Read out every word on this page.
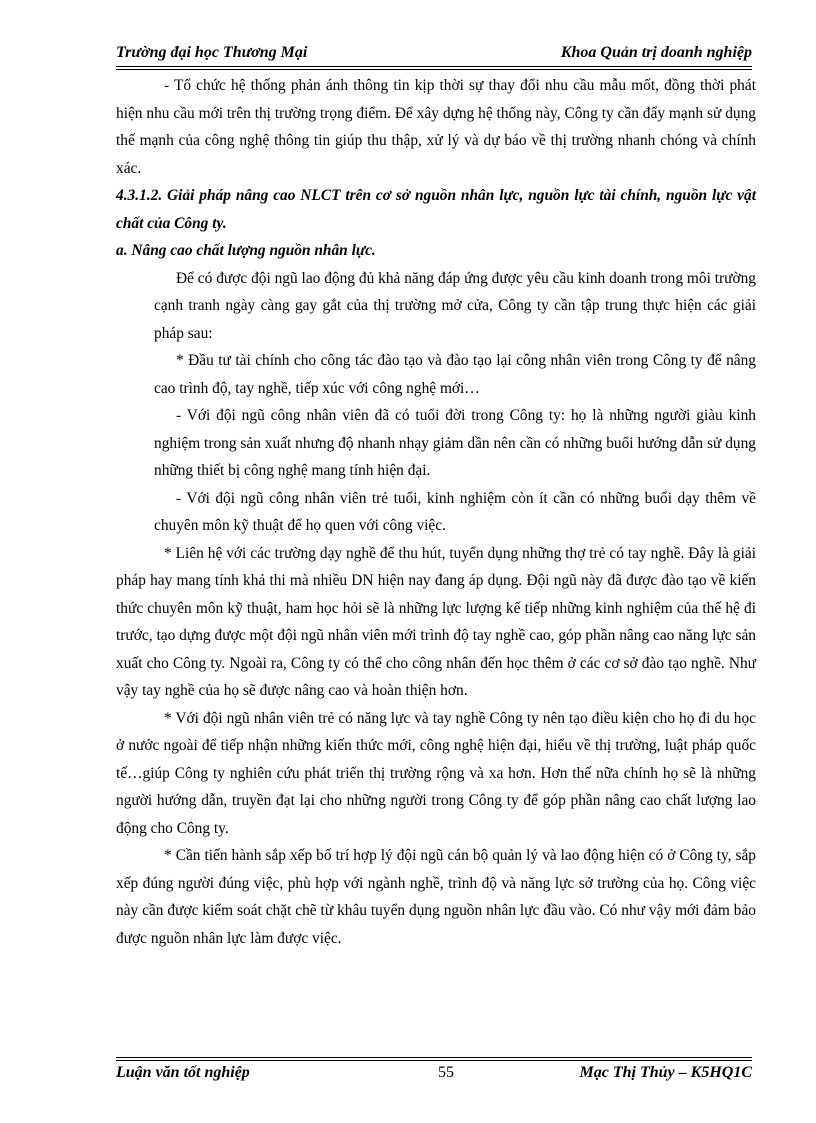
Trường đại học Thương Mại	Khoa Quản trị doanh nghiệp

- Tổ chức hệ thống phản ánh thông tin kịp thời sự thay đổi nhu cầu mẫu mốt, đồng thời phát hiện nhu cầu mới trên thị trường trọng điểm. Để xây dựng hệ thống này, Công ty cần đẩy mạnh sử dụng thế mạnh của công nghệ thông tin giúp thu thập, xử lý và dự báo về thị trường nhanh chóng và chính xác.

4.3.1.2. Giải pháp nâng cao NLCT trên cơ sở nguồn nhân lực, nguồn lực tài chính, nguồn lực vật chất của Công ty.

a. Nâng cao chất lượng nguồn nhân lực.

Để có được đội ngũ lao động đủ khả năng đáp ứng được yêu cầu kinh doanh trong môi trường cạnh tranh ngày càng gay gắt của thị trường mở cửa, Công ty cần tập trung thực hiện các giải pháp sau:

* Đầu tư tài chính cho công tác đào tạo và đào tạo lại công nhân viên trong Công ty để nâng cao trình độ, tay nghề, tiếp xúc với công nghệ mới…

- Với đội ngũ công nhân viên đã có tuổi đời trong Công ty: họ là những người giàu kinh nghiệm trong sản xuất nhưng độ nhanh nhạy giảm dần nên cần có những buổi hướng dẫn sử dụng những thiết bị công nghệ mang tính hiện đại.

- Với đội ngũ công nhân viên trẻ tuổi, kinh nghiệm còn ít cần có những buổi dạy thêm về chuyên môn kỹ thuật để họ quen với công việc.

* Liên hệ với các trường dạy nghề để thu hút, tuyển dụng những thợ trẻ có tay nghề. Đây là giải pháp hay mang tính khả thi mà nhiều DN hiện nay đang áp dụng. Đội ngũ này đã được đào tạo về kiến thức chuyên môn kỹ thuật, ham học hỏi sẽ là những lực lượng kế tiếp những kinh nghiệm của thế hệ đi trước, tạo dựng được một đội ngũ nhân viên mới trình độ tay nghề cao, góp phần nâng cao năng lực sản xuất cho Công ty. Ngoài ra, Công ty có thể cho công nhân đến học thêm ở các cơ sở đào tạo nghề. Như vậy tay nghề của họ sẽ được nâng cao và hoàn thiện hơn.

* Với đội ngũ nhân viên trẻ có năng lực và tay nghề Công ty nên tạo điều kiện cho họ đi du học ở nước ngoài để tiếp nhận những kiến thức mới, công nghệ hiện đại, hiểu về thị trường, luật pháp quốc tế…giúp Công ty nghiên cứu phát triển thị trường rộng và xa hơn. Hơn thế nữa chính họ sẽ là những người hướng dẫn, truyền đạt lại cho những người trong Công ty để góp phần nâng cao chất lượng lao động cho Công ty.

* Cần tiến hành sắp xếp bố trí hợp lý đội ngũ cán bộ quản lý và lao động hiện có ở Công ty, sắp xếp đúng người đúng việc, phù hợp với ngành nghề, trình độ và năng lực sở trường của họ. Công việc này cần được kiểm soát chặt chẽ từ khâu tuyển dụng nguồn nhân lực đầu vào. Có như vậy mới đảm bảo được nguồn nhân lực làm được việc.

Luận văn tốt nghiệp	55	Mạc Thị Thủy – K5HQ1C
